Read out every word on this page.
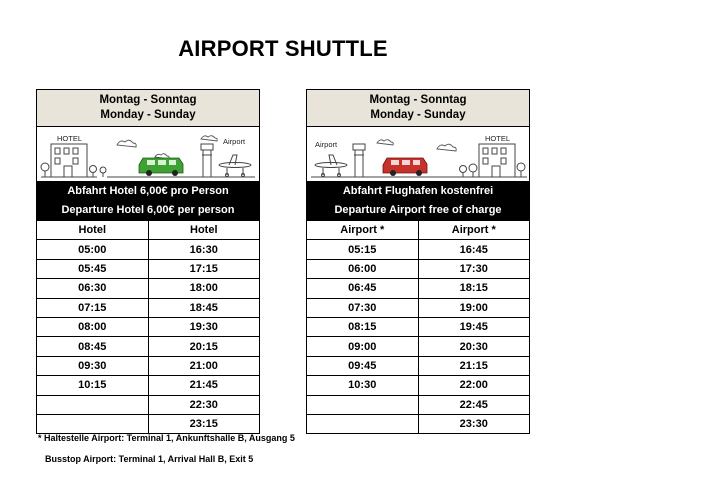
AIRPORT SHUTTLE
Montag - Sonntag
Monday - Sunday
HOTEL	Airport
Abfahrt Hotel 6,00€ pro Person
Departure Hotel 6,00€ per person
Hotel	Hotel
05:00	16:30
05:45	17:15
06:30	18:00
07:15	18:45
08:00	19:30
08:45	20:15
09:30	21:00
10:15	21:45
	22:30
	23:15
Montag - Sonntag
Monday - Sunday
Airport
HOTEL
Abfahrt Flughafen kostenfrei
Departure Airport free of charge
Airport *	Airport *
05:15	16:45
06:00	17:30
06:45	18:15
07:30	19:00
08:15	19:45
09:00	20:30
09:45	21:15
10:30	22:00
	22:45
	23:30
* Haltestelle Airport: Terminal 1, Ankunftshalle B, Ausgang 5
Busstop Airport: Terminal 1, Arrival Hall B, Exit 5
